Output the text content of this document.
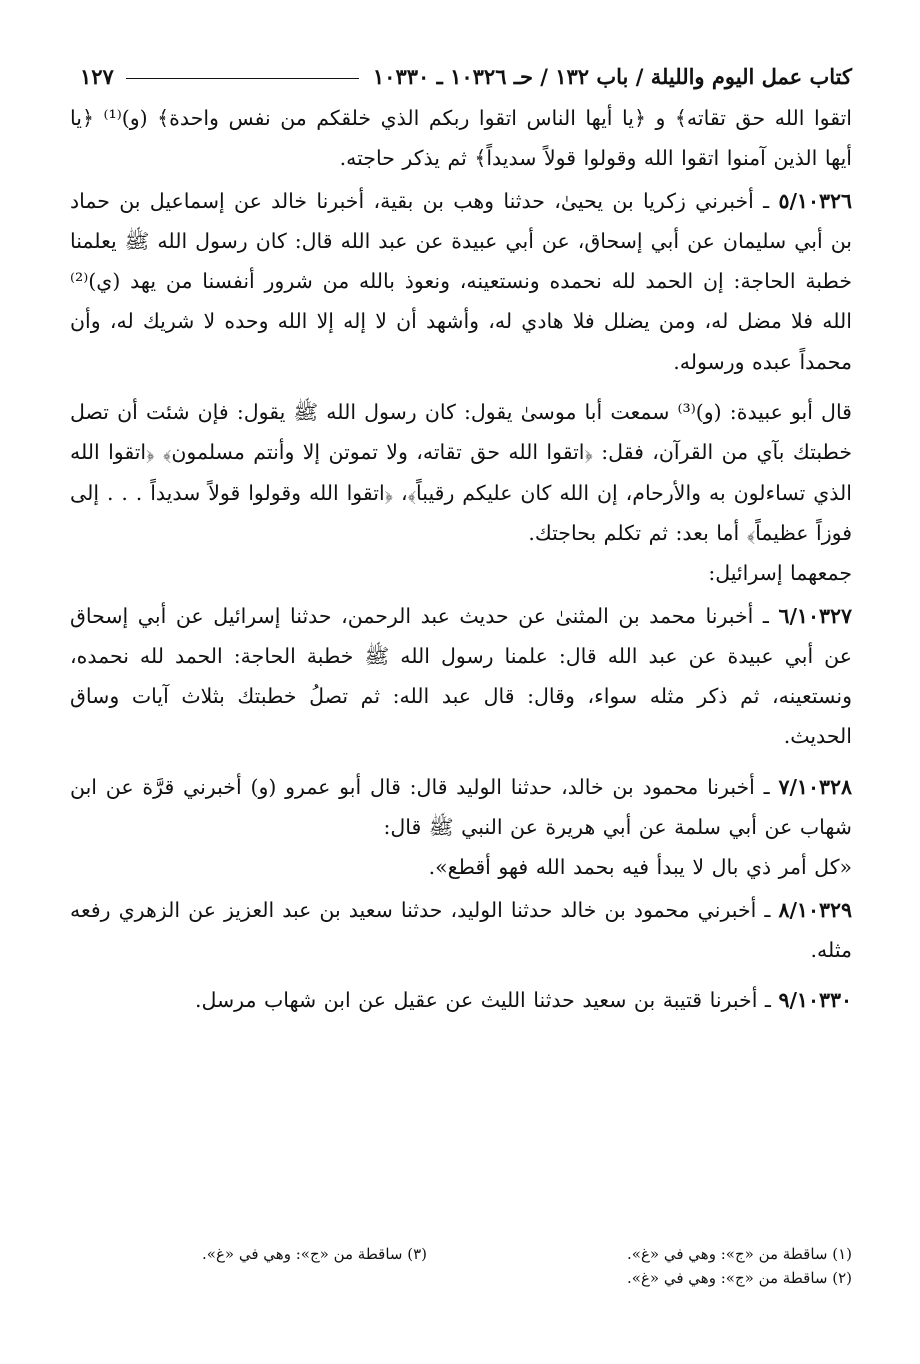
كتاب عمل اليوم والليلة / باب ١٣٢ / حـ ١٠٣٢٦ ـ ١٠٣٣٠
١٢٧

اتقوا الله حق تقاته﴾ و ﴿يا أيها الناس اتقوا ربكم الذي خلقكم من نفس واحدة﴾ (و)⁽¹⁾ ﴿يا أيها الذين آمنوا اتقوا الله وقولوا قولاً سديداً﴾ ثم يذكر حاجته.

٥/١٠٣٢٦ ـ أخبرني زكريا بن يحيىٰ، حدثنا وهب بن بقية، أخبرنا خالد عن إسماعيل بن حماد بن أبي سليمان عن أبي إسحاق، عن أبي عبيدة عن عبد الله قال: كان رسول الله ﷺ يعلمنا خطبة الحاجة: إن الحمد لله نحمده ونستعينه، ونعوذ بالله من شرور أنفسنا من يهد (ي)⁽²⁾ الله فلا مضل له، ومن يضلل فلا هادي له، وأشهد أن لا إله إلا الله وحده لا شريك له، وأن محمداً عبده ورسوله.

قال أبو عبيدة: (و)⁽³⁾ سمعت أبا موسىٰ يقول: كان رسول الله ﷺ يقول: فإن شئت أن تصل خطبتك بآي من القرآن، فقل: ﴿اتقوا الله حق تقاته، ولا تموتن إلا وأنتم مسلمون﴾ ﴿اتقوا الله الذي تساءلون به والأرحام، إن الله كان عليكم رقيباً﴾، ﴿اتقوا الله وقولوا قولاً سديداً . . . إلى فوزاً عظيماً﴾ أما بعد: ثم تكلم بحاجتك.

جمعهما إسرائيل:

٦/١٠٣٢٧ ـ أخبرنا محمد بن المثنىٰ عن حديث عبد الرحمن، حدثنا إسرائيل عن أبي إسحاق عن أبي عبيدة عن عبد الله قال: علمنا رسول الله ﷺ خطبة الحاجة: الحمد لله نحمده، ونستعينه، ثم ذكر مثله سواء، وقال: قال عبد الله: ثم تصلُ خطبتك بثلاث آيات وساق الحديث.

٧/١٠٣٢٨ ـ أخبرنا محمود بن خالد، حدثنا الوليد قال: قال أبو عمرو (و) أخبرني قرَّة عن ابن شهاب عن أبي سلمة عن أبي هريرة عن النبي ﷺ قال:

«كل أمر ذي بال لا يبدأ فيه بحمد الله فهو أقطع».

٨/١٠٣٢٩ ـ أخبرني محمود بن خالد حدثنا الوليد، حدثنا سعيد بن عبد العزيز عن الزهري رفعه مثله.

٩/١٠٣٣٠ ـ أخبرنا قتيبة بن سعيد حدثنا الليث عن عقيل عن ابن شهاب مرسل.

(١) ساقطة من «ج»: وهي في «غ».
(٢) ساقطة من «ج»: وهي في «غ».
(٣) ساقطة من «ج»: وهي في «غ».
